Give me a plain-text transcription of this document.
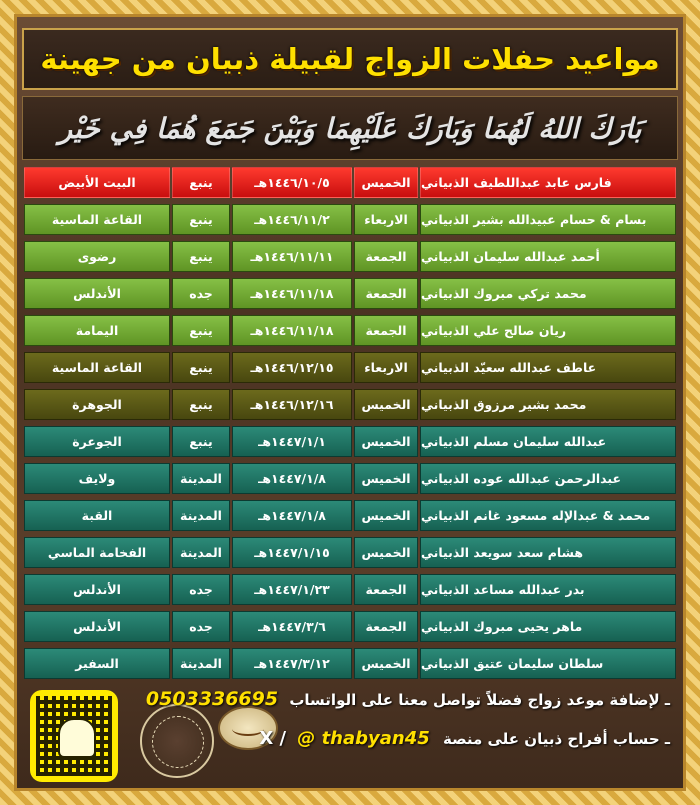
مواعيد حفلات الزواج لقبيلة ذبيان من جهينة
بَارَكَ اللهُ لَهُمَا وَبَارَكَ عَلَيْهِمَا وَبَيْنَ جَمَعَ هُمَا فِي خَيْر
فارس عابد عبداللطيف الذبياني
الخميس
١٤٤٦/١٠/٥هـ
ينبع
البيت الأبيض
بسام & حسام عبيدالله بشير الذبياني
الاربعاء
١٤٤٦/١١/٢هـ
ينبع
القاعة الماسية
أحمد عبدالله سليمان الذبياني
الجمعة
١٤٤٦/١١/١١هـ
ينبع
رضوى
محمد تركي مبروك الذبياني
الجمعة
١٤٤٦/١١/١٨هـ
جده
الأندلس
ريان صالح علي الذبياني
الجمعة
١٤٤٦/١١/١٨هـ
ينبع
اليمامة
عاطف عبدالله سعيّد الذبياني
الاربعاء
١٤٤٦/١٢/١٥هـ
ينبع
القاعة الماسية
محمد بشير مرزوق الذبياني
الخميس
١٤٤٦/١٢/١٦هـ
ينبع
الجوهرة
عبدالله سليمان مسلم الذبياني
الخميس
١٤٤٧/١/١هـ
ينبع
الجوعرة
عبدالرحمن عبدالله عوده الذبياني
الخميس
١٤٤٧/١/٨هـ
المدينة
ولايف
محمد & عبدالإله مسعود غانم الذبياني
الخميس
١٤٤٧/١/٨هـ
المدينة
القبة
هشام سعد سويعد الذبياني
الخميس
١٤٤٧/١/١٥هـ
المدينة
الفخامة الماسي
بدر عبدالله مساعد الذبياني
الجمعة
١٤٤٧/١/٢٣هـ
جده
الأندلس
ماهر يحيى مبروك الذبياني
الجمعة
١٤٤٧/٣/٦هـ
جده
الأندلس
سلطان سليمان عتيق الذبياني
الخميس
١٤٤٧/٣/١٢هـ
المدينة
السفير
ـ لإضافة موعد زواج فضلاً تواصل معنا على الواتساب 0503336695
ـ حساب أفراح ذبيان على منصة X / @ thabyan45
